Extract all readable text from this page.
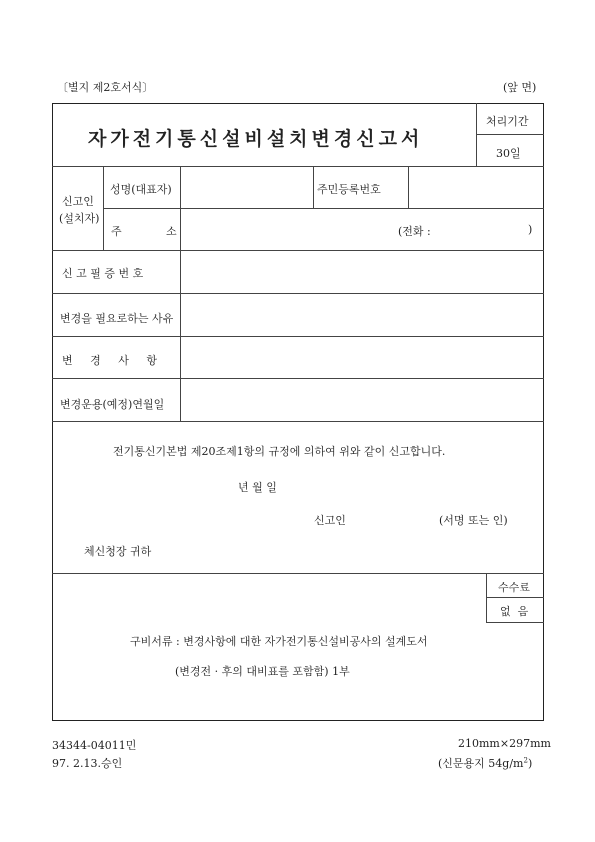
〔별지 제2호서식〕	(앞 면)
자가전기통신설비설치변경신고서
처리기간
30일
신고인
(설치자)
성명(대표자)	주민등록번호
주	소	(전화 :	)
신 고 필 증 번 호
변경을 필요로하는 사유
변 경 사 항
변경운용(예정)연월일
전기통신기본법 제20조제1항의 규정에 의하여 위와 같이 신고합니다.
년 월 일
신고인	(서명 또는 인)
체신청장 귀하
수수료
없  음
구비서류 : 변경사항에 대한 자가전기통신설비공사의 설계도서
(변경전 · 후의 대비표를 포함함) 1부
34344-04011민
97. 2.13.승인
210mm×297mm
(신문용지 $54g/m^2$)
